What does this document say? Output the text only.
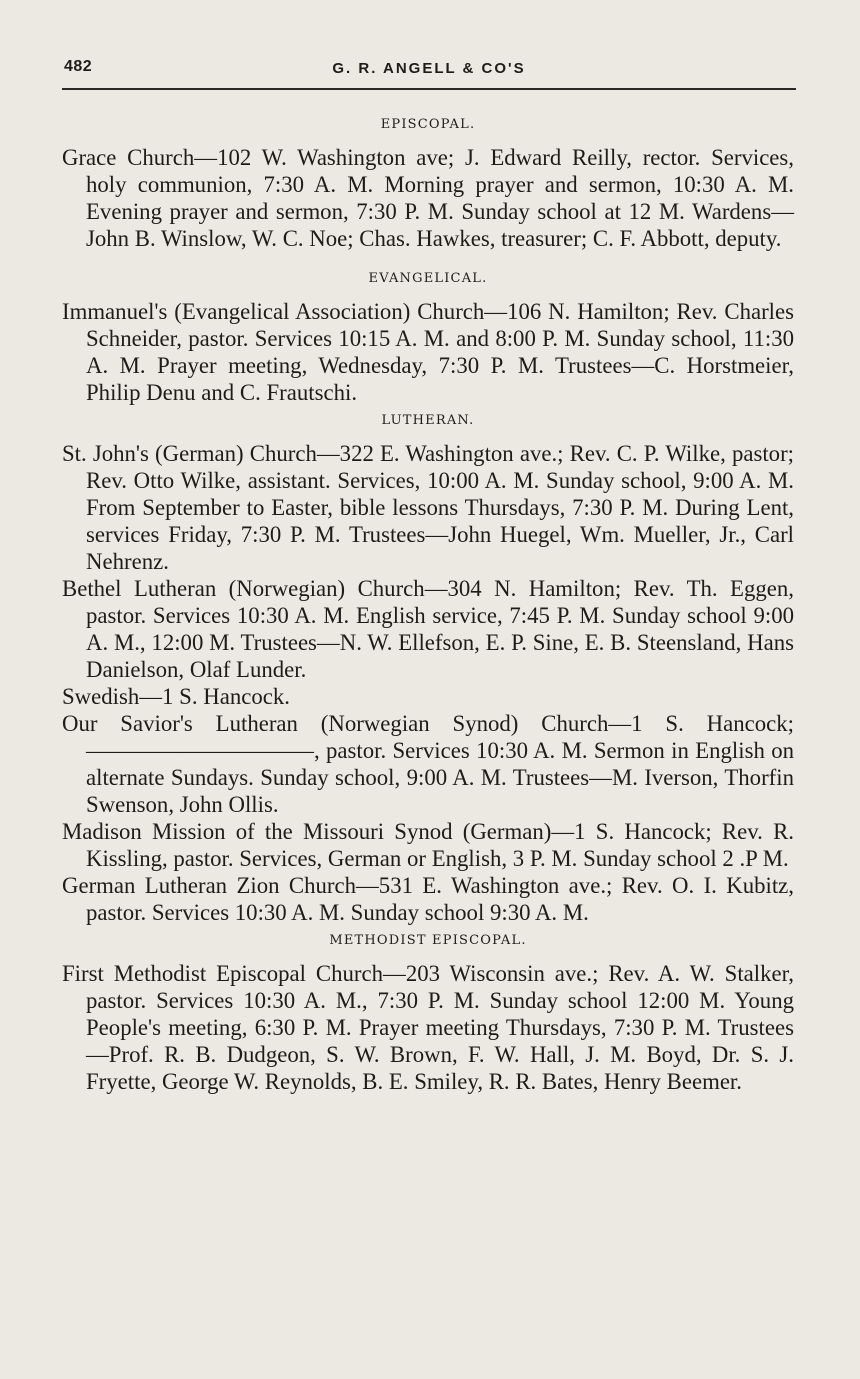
482	G. R. ANGELL & CO'S
EPISCOPAL.

Grace Church—102 W. Washington ave; J. Edward Reilly, rector. Services, holy communion, 7:30 A. M. Morning prayer and sermon, 10:30 A. M. Evening prayer and sermon, 7:30 P. M. Sunday school at 12 M. Wardens—John B. Winslow, W. C. Noe; Chas. Hawkes, treasurer; C. F. Abbott, deputy.

EVANGELICAL.

Immanuel's (Evangelical Association) Church—106 N. Hamilton; Rev. Charles Schneider, pastor. Services 10:15 A. M. and 8:00 P. M. Sunday school, 11:30 A. M. Prayer meeting, Wednesday, 7:30 P. M. Trustees—C. Horstmeier, Philip Denu and C. Frautschi.

LUTHERAN.

St. John's (German) Church—322 E. Washington ave.; Rev. C. P. Wilke, pastor; Rev. Otto Wilke, assistant. Services, 10:00 A. M. Sunday school, 9:00 A. M. From September to Easter, bible lessons Thursdays, 7:30 P. M. During Lent, services Friday, 7:30 P. M. Trustees—John Huegel, Wm. Mueller, Jr., Carl Nehrenz.

Bethel Lutheran (Norwegian) Church—304 N. Hamilton; Rev. Th. Eggen, pastor. Services 10:30 A. M. English service, 7:45 P. M. Sunday school 9:00 A. M., 12:00 M. Trustees—N. W. Ellefson, E. P. Sine, E. B. Steensland, Hans Danielson, Olaf Lunder.

Swedish—1 S. Hancock.

Our Savior's Lutheran (Norwegian Synod) Church—1 S. Hancock; ——————————, pastor. Services 10:30 A. M. Sermon in English on alternate Sundays. Sunday school, 9:00 A. M. Trustees—M. Iverson, Thorfin Swenson, John Ollis.

Madison Mission of the Missouri Synod (German)—1 S. Hancock; Rev. R. Kissling, pastor. Services, German or English, 3 P. M. Sunday school 2 .P M.

German Lutheran Zion Church—531 E. Washington ave.; Rev. O. I. Kubitz, pastor. Services 10:30 A. M. Sunday school 9:30 A. M.

METHODIST EPISCOPAL.

First Methodist Episcopal Church—203 Wisconsin ave.; Rev. A. W. Stalker, pastor. Services 10:30 A. M., 7:30 P. M. Sunday school 12:00 M. Young People's meeting, 6:30 P. M. Prayer meeting Thursdays, 7:30 P. M. Trustees—Prof. R. B. Dudgeon, S. W. Brown, F. W. Hall, J. M. Boyd, Dr. S. J. Fryette, George W. Reynolds, B. E. Smiley, R. R. Bates, Henry Beemer.
